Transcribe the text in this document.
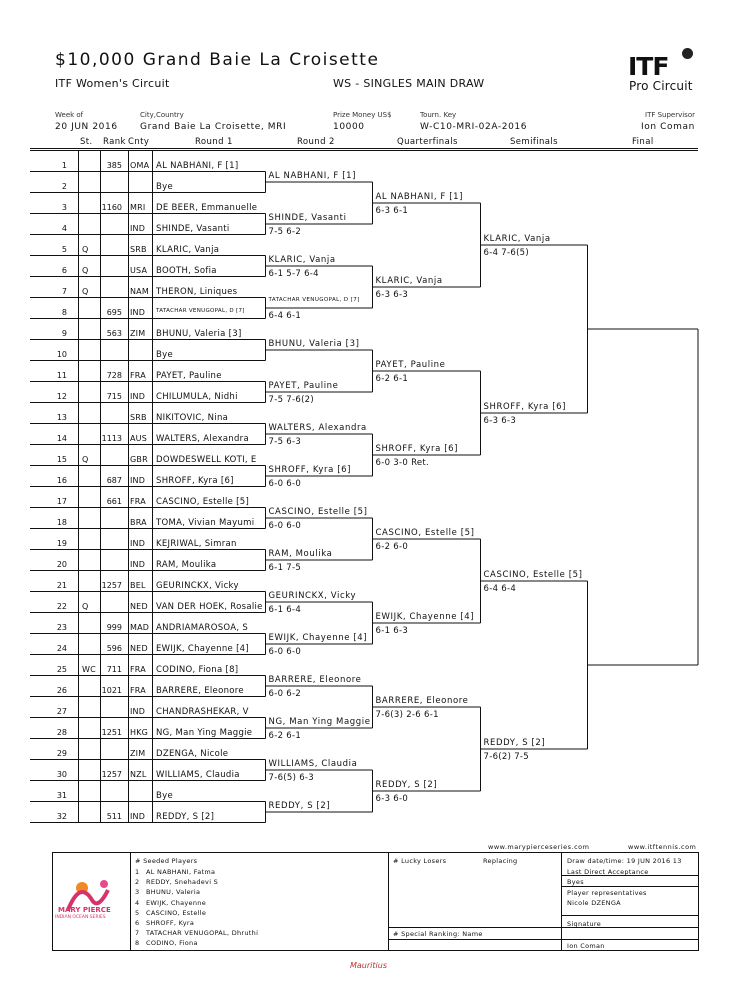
$10,000 Grand Baie La Croisette
ITF Women's Circuit	WS - SINGLES MAIN DRAW
ITF
Pro Circuit
Week of
20 JUN 2016
City,Country
Grand Baie La Croisette, MRI
Prize Money US$
10000
Tourn. Key
W-C10-MRI-02A-2016
ITF Supervisor
Ion Coman
St. Rank Cnty	Round 1	Round 2	Quarterfinals	Semifinals	Final
1	385 OMA AL NABHANI, F [1]
2	Bye
3	1160 MRI DE BEER, Emmanuelle
4	IND SHINDE, Vasanti
5 Q	SRB KLARIC, Vanja
6 Q	USA BOOTH, Sofia
7 Q	NAM THERON, Liniques
8	695 IND TATACHAR VENUGOPAL, D [7]
9	563 ZIM BHUNU, Valeria [3]
10	Bye
11	728 FRA PAYET, Pauline
12	715 IND CHILUMULA, Nidhi
13	SRB NIKITOVIC, Nina
14	1113 AUS WALTERS, Alexandra
15 Q	GBR DOWDESWELL KOTI, E
16	687 IND SHROFF, Kyra [6]
17	661 FRA CASCINO, Estelle [5]
18	BRA TOMA, Vivian Mayumi
19	IND KEJRIWAL, Simran
20	IND RAM, Moulika
21	1257 BEL GEURINCKX, Vicky
22 Q	NED VAN DER HOEK, Rosalie
23	999 MAD ANDRIAMAROSOA, S
24	596 NED EWIJK, Chayenne [4]
25 WC	711 FRA CODINO, Fiona [8]
26	1021 FRA BARRERE, Eleonore
27	IND CHANDRASHEKAR, V
28	1251 HKG NG, Man Ying Maggie
29	ZIM DZENGA, Nicole
30	1257 NZL WILLIAMS, Claudia
31	Bye
32	511 IND REDDY, S [2]
AL NABHANI, F [1]
SHINDE, Vasanti
7-5 6-2
KLARIC, Vanja
6-1 5-7 6-4
TATACHAR VENUGOPAL, D [7]
6-4 6-1
BHUNU, Valeria [3]
PAYET, Pauline
7-5 7-6(2)
WALTERS, Alexandra
7-5 6-3
SHROFF, Kyra [6]
6-0 6-0
CASCINO, Estelle [5]
6-0 6-0
RAM, Moulika
6-1 7-5
GEURINCKX, Vicky
6-1 6-4
EWIJK, Chayenne [4]
6-0 6-0
BARRERE, Eleonore
6-0 6-2
NG, Man Ying Maggie
6-2 6-1
WILLIAMS, Claudia
7-6(5) 6-3
REDDY, S [2]
AL NABHANI, F [1]
6-3 6-1
KLARIC, Vanja
6-3 6-3
PAYET, Pauline
6-2 6-1
SHROFF, Kyra [6]
6-0 3-0 Ret.
CASCINO, Estelle [5]
6-2 6-0
EWIJK, Chayenne [4]
6-1 6-3
BARRERE, Eleonore
7-6(3) 2-6 6-1
REDDY, S [2]
6-3 6-0
KLARIC, Vanja
6-4 7-6(5)
SHROFF, Kyra [6]
6-3 6-3
CASCINO, Estelle [5]
6-4 6-4
REDDY, S [2]
7-6(2) 7-5
www.marypierceseries.com	www.itftennis.com
MARY PIERCE
INDIAN OCEAN SERIES
# Seeded Players
1 AL NABHANI, Fatma
2 REDDY, Snehadevi S
3 BHUNU, Valeria
4 EWIJK, Chayenne
5 CASCINO, Estelle
6 SHROFF, Kyra
7 TATACHAR VENUGOPAL, Dhruthi
8 CODINO, Fiona
# Lucky Losers	Replacing
# Special Ranking: Name
Draw date/time: 19 JUN 2016 13
Last Direct Acceptance
Byes
Player representatives
Nicole DZENGA
Signature
Ion Coman
Mauritius
